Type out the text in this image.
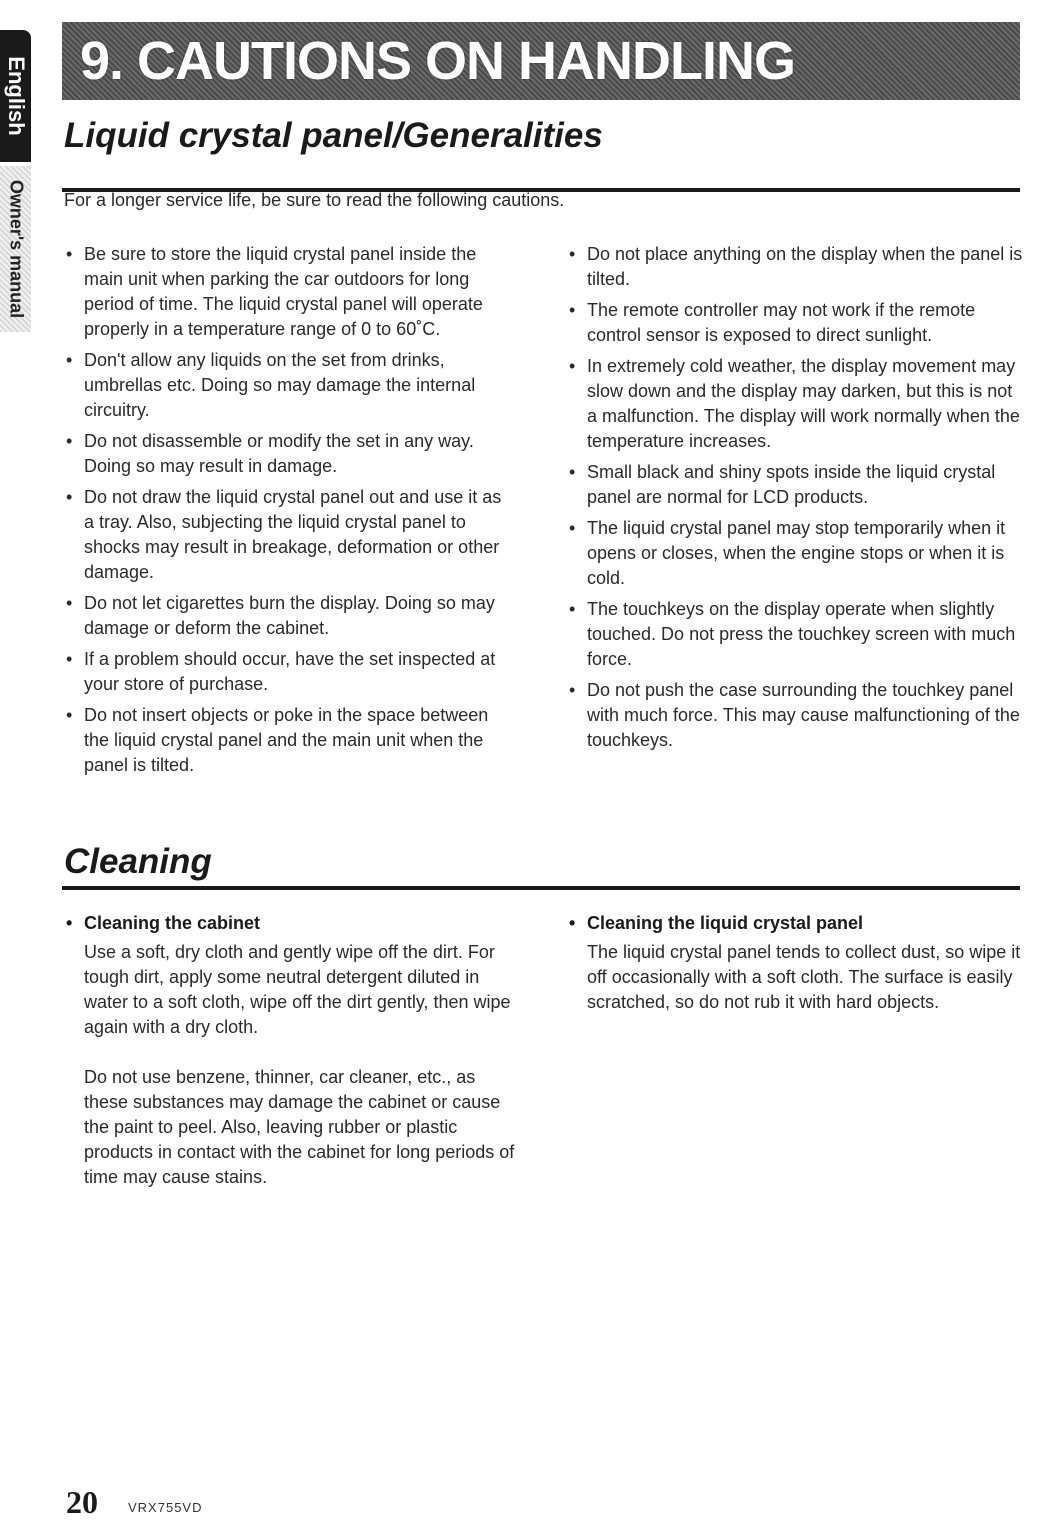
English
Owner's manual
9. CAUTIONS ON HANDLING
Liquid crystal panel/Generalities
For a longer service life, be sure to read the following cautions.
• Be sure to store the liquid crystal panel inside the main unit when parking the car outdoors for long period of time. The liquid crystal panel will operate properly in a temperature range of 0 to 60˚C.
• Don't allow any liquids on the set from drinks, umbrellas etc. Doing so may damage the internal circuitry.
• Do not disassemble or modify the set in any way. Doing so may result in damage.
• Do not draw the liquid crystal panel out and use it as a tray. Also, subjecting the liquid crystal panel to shocks may result in breakage, deformation or other damage.
• Do not let cigarettes burn the display. Doing so may damage or deform the cabinet.
• If a problem should occur, have the set inspected at your store of purchase.
• Do not insert objects or poke in the space between the liquid crystal panel and the main unit when the panel is tilted.
• Do not place anything on the display when the panel is tilted.
• The remote controller may not work if the remote control sensor is exposed to direct sunlight.
• In extremely cold weather, the display movement may slow down and the display may darken, but this is not a malfunction. The display will work normally when the temperature increases.
• Small black and shiny spots inside the liquid crystal panel are normal for LCD products.
• The liquid crystal panel may stop temporarily when it opens or closes, when the engine stops or when it is cold.
• The touchkeys on the display operate when slightly touched. Do not press the touchkey screen with much force.
• Do not push the case surrounding the touchkey panel with much force. This may cause malfunctioning of the touchkeys.
Cleaning
• Cleaning the cabinet

Use a soft, dry cloth and gently wipe off the dirt. For tough dirt, apply some neutral detergent diluted in water to a soft cloth, wipe off the dirt gently, then wipe again with a dry cloth.

Do not use benzene, thinner, car cleaner, etc., as these substances may damage the cabinet or cause the paint to peel. Also, leaving rubber or plastic products in contact with the cabinet for long periods of time may cause stains.

• Cleaning the liquid crystal panel

The liquid crystal panel tends to collect dust, so wipe it off occasionally with a soft cloth. The surface is easily scratched, so do not rub it with hard objects.

20 VRX755VD
